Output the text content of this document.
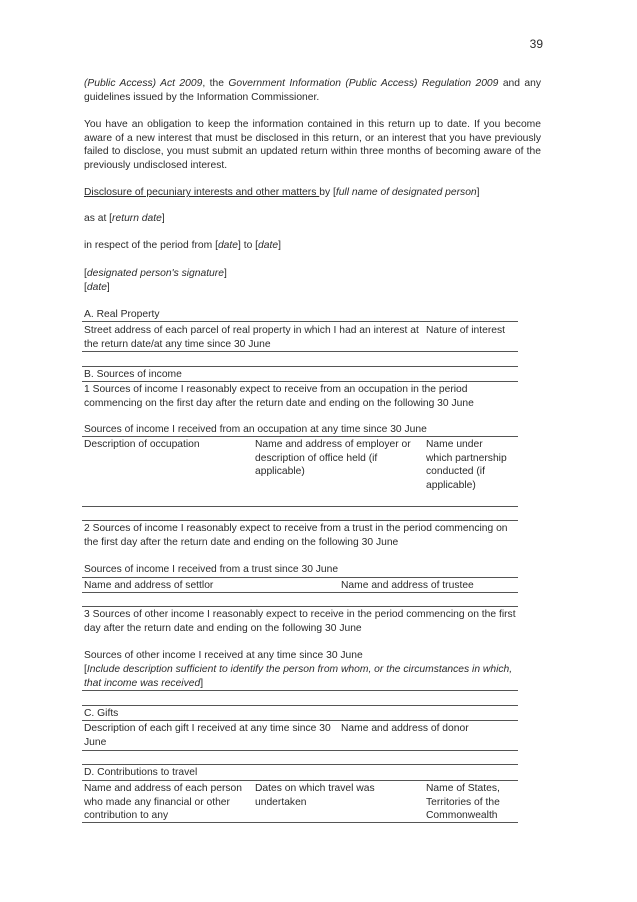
39
(Public Access) Act 2009, the Government Information (Public Access) Regulation 2009 and any guidelines issued by the Information Commissioner.
You have an obligation to keep the information contained in this return up to date. If you become aware of a new interest that must be disclosed in this return, or an interest that you have previously failed to disclose, you must submit an updated return within three months of becoming aware of the previously undisclosed interest.
Disclosure of pecuniary interests and other matters by [full name of designated person]
as at [return date]
in respect of the period from [date] to [date]
[designated person's signature]
[date]
A. Real Property
Street address of each parcel of real property in which I had an interest at the return date/at any time since 30 June
Nature of interest
B. Sources of income
1 Sources of income I reasonably expect to receive from an occupation in the period commencing on the first day after the return date and ending on the following 30 June
Sources of income I received from an occupation at any time since 30 June
Description of occupation	Name and address of employer or description of office held (if applicable)
Name under which partnership conducted (if applicable)
2 Sources of income I reasonably expect to receive from a trust in the period commencing on the first day after the return date and ending on the following 30 June
Sources of income I received from a trust since 30 June
Name and address of settlor	Name and address of trustee
3 Sources of other income I reasonably expect to receive in the period commencing on the first day after the return date and ending on the following 30 June
Sources of other income I received at any time since 30 June
[Include description sufficient to identify the person from whom, or the circumstances in which, that income was received]
C. Gifts
Description of each gift I received at any time since 30 June
Name and address of donor
D. Contributions to travel
Name and address of each person who made any financial or other contribution to any
Dates on which travel was undertaken
Name of States, Territories of the Commonwealth
